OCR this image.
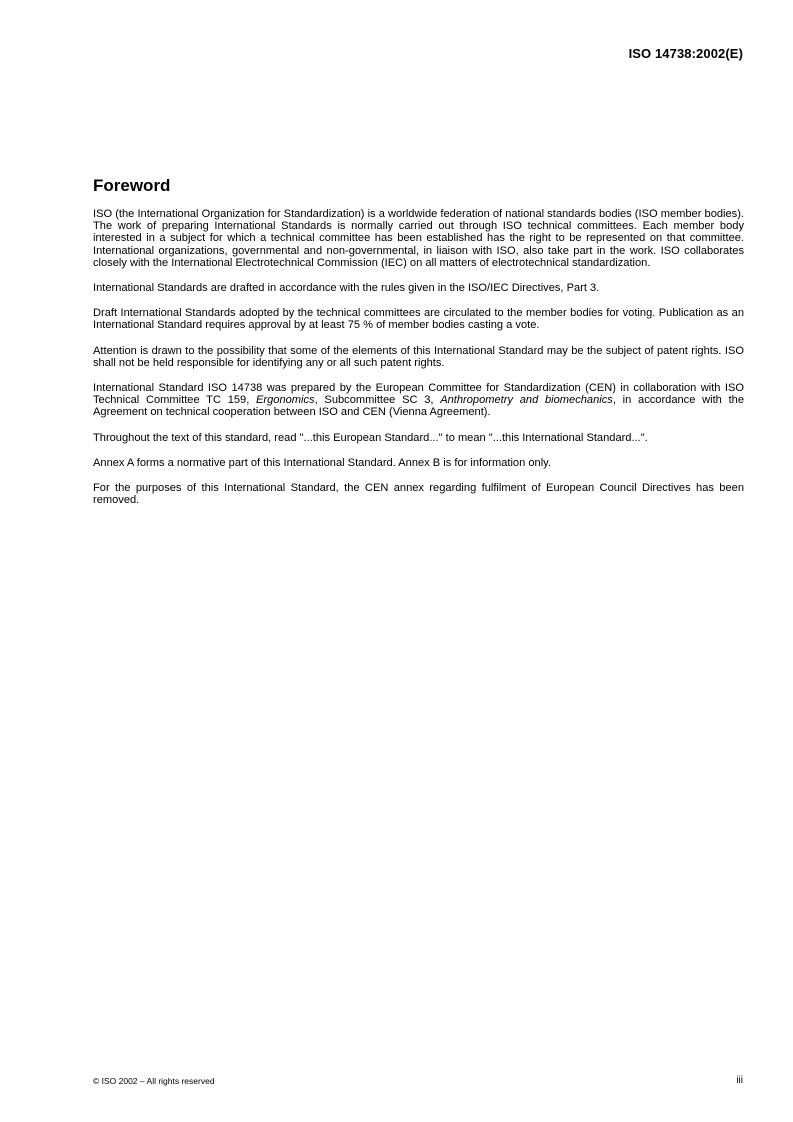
ISO 14738:2002(E)
Foreword

ISO (the International Organization for Standardization) is a worldwide federation of national standards bodies (ISO member bodies). The work of preparing International Standards is normally carried out through ISO technical committees. Each member body interested in a subject for which a technical committee has been established has the right to be represented on that committee. International organizations, governmental and non-governmental, in liaison with ISO, also take part in the work. ISO collaborates closely with the International Electrotechnical Commission (IEC) on all matters of electrotechnical standardization.

International Standards are drafted in accordance with the rules given in the ISO/IEC Directives, Part 3.

Draft International Standards adopted by the technical committees are circulated to the member bodies for voting. Publication as an International Standard requires approval by at least 75 % of member bodies casting a vote.

Attention is drawn to the possibility that some of the elements of this International Standard may be the subject of patent rights. ISO shall not be held responsible for identifying any or all such patent rights.

International Standard ISO 14738 was prepared by the European Committee for Standardization (CEN) in collaboration with ISO Technical Committee TC 159, Ergonomics, Subcommittee SC 3, Anthropometry and biomechanics, in accordance with the Agreement on technical cooperation between ISO and CEN (Vienna Agreement).

Throughout the text of this standard, read "...this European Standard..." to mean "...this International Standard...".

Annex A forms a normative part of this International Standard. Annex B is for information only.

For the purposes of this International Standard, the CEN annex regarding fulfilment of European Council Directives has been removed.

© ISO 2002 – All rights reserved	iii
